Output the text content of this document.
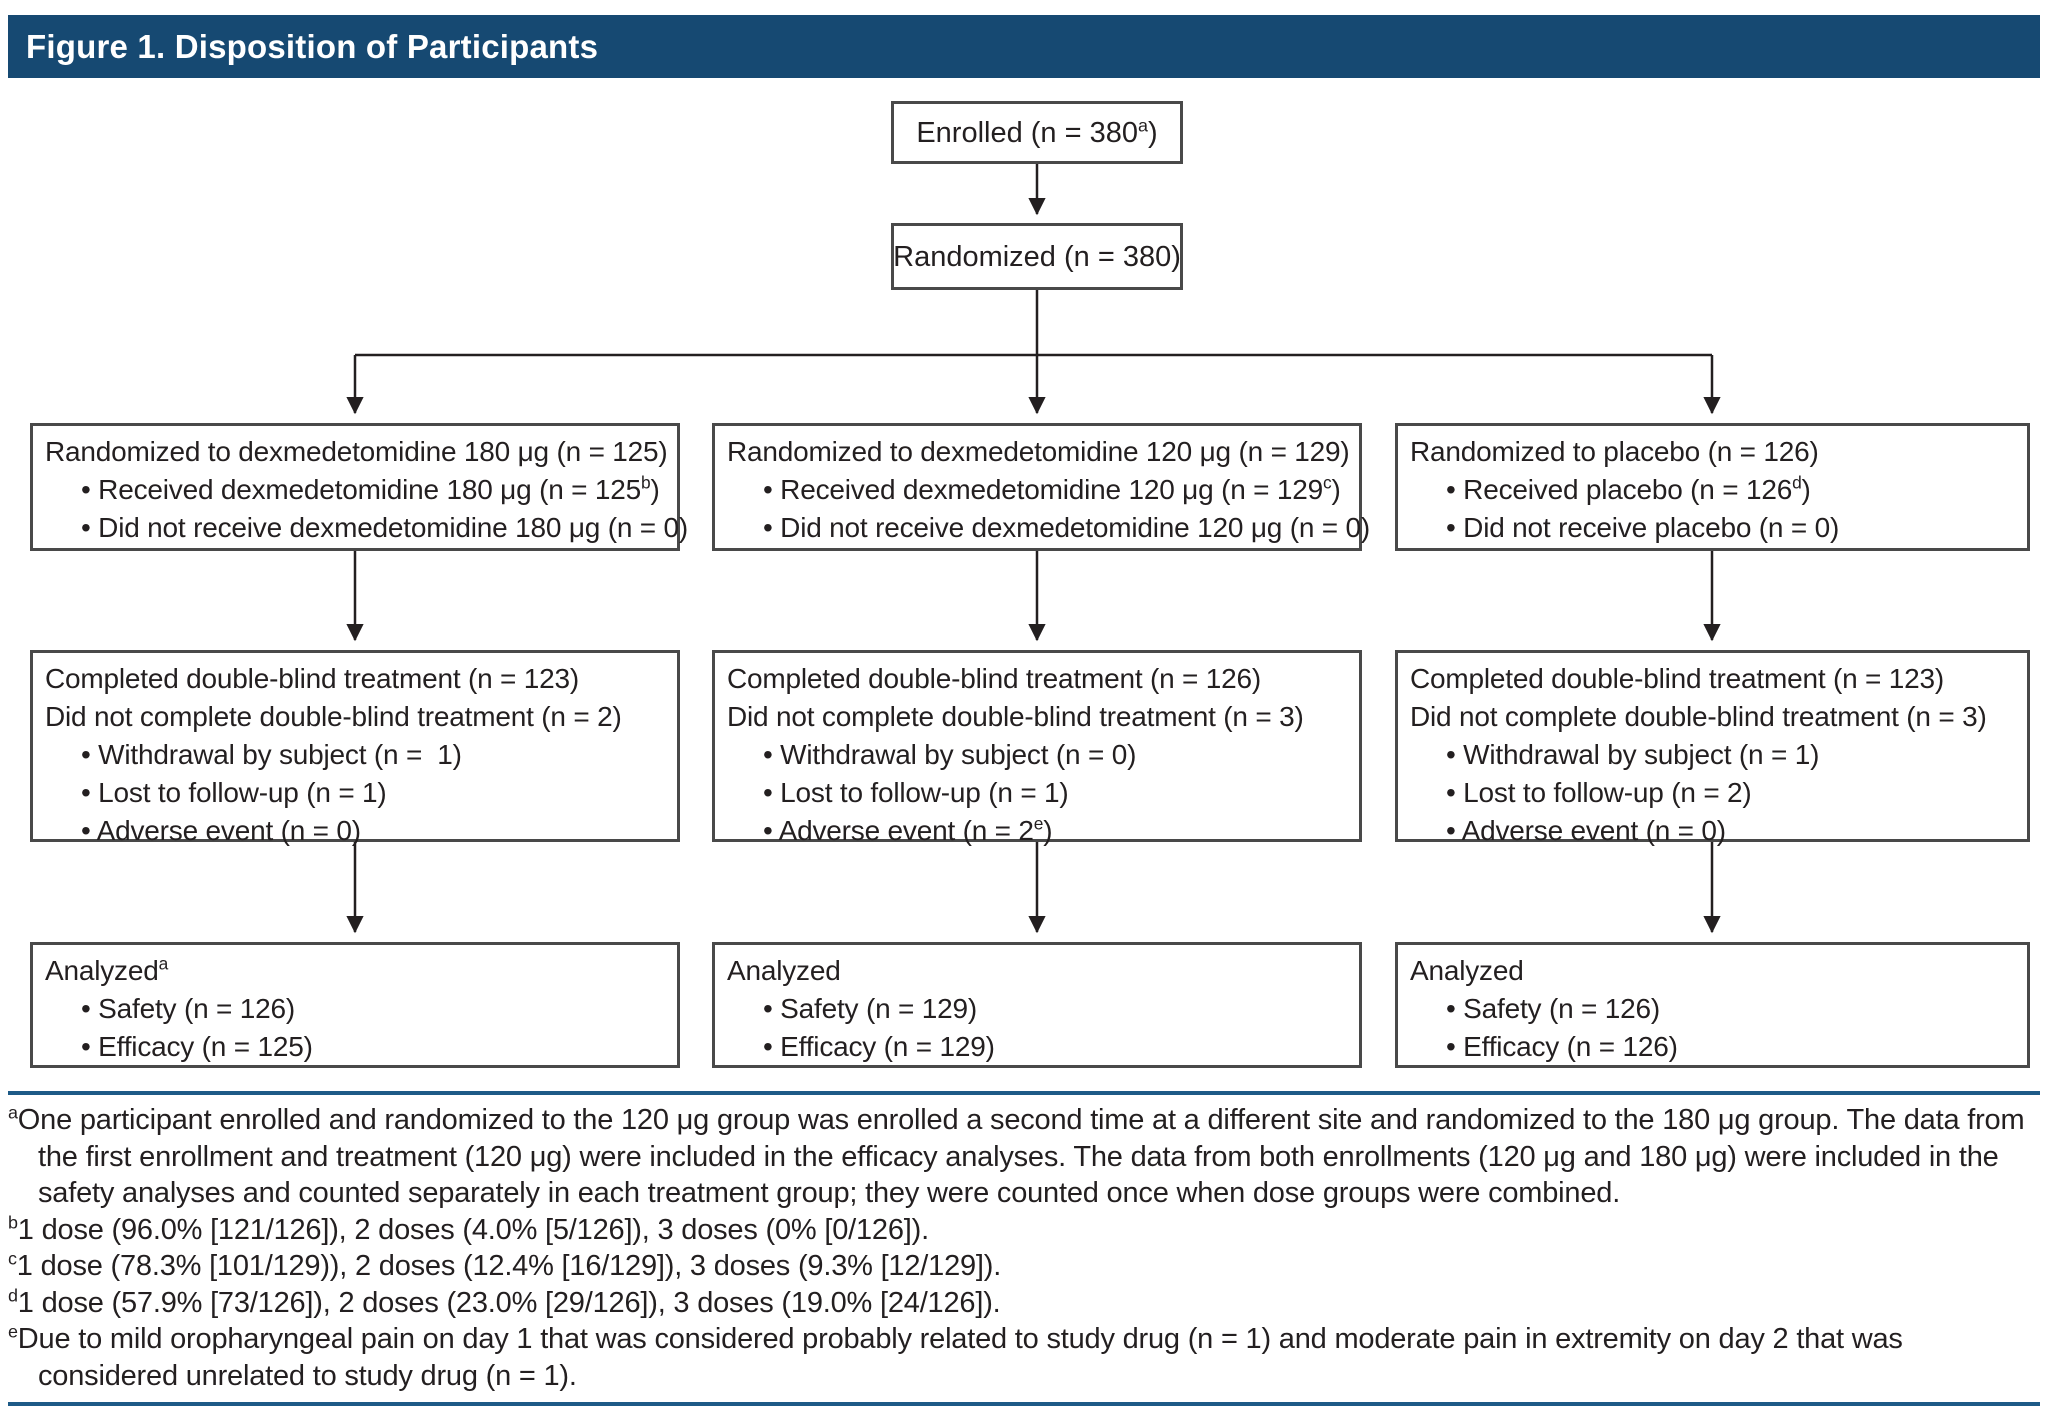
Figure 1. Disposition of Participants
Enrolled $(n = 380^a)$
Randomized (n = 380)
Randomized to dexmedetomidine 180 μg (n = 125)
• Received dexmedetomidine 180 μg $(n = 125^b)$
• Did not receive dexmedetomidine 180 μg (n = 0)
Randomized to dexmedetomidine 120 μg (n = 129)
• Received dexmedetomidine 120 μg $(n = 129^c)$
• Did not receive dexmedetomidine 120 μg (n = 0)
Randomized to placebo (n = 126)
• Received placebo $(n = 126^d)$
• Did not receive placebo (n = 0)
Completed double-blind treatment (n = 123)
Did not complete double-blind treatment (n = 2)
• Withdrawal by subject (n =  1)
• Lost to follow-up (n = 1)
• Adverse event (n = 0)
Completed double-blind treatment (n = 126)
Did not complete double-blind treatment (n = 3)
• Withdrawal by subject (n = 0)
• Lost to follow-up (n = 1)
• Adverse event $(n = 2^e)$
Completed double-blind treatment (n = 123)
Did not complete double-blind treatment (n = 3)
• Withdrawal by subject (n = 1)
• Lost to follow-up (n = 2)
• Adverse event (n = 0)
Analyzed$^a$
• Safety (n = 126)
• Efficacy (n = 125)
Analyzed
• Safety (n = 129)
• Efficacy (n = 129)
Analyzed
• Safety (n = 126)
• Efficacy (n = 126)
$^a$One participant enrolled and randomized to the 120 μg group was enrolled a second time at a different site and randomized to the 180 μg group. The data from the first enrollment and treatment (120 μg) were included in the efficacy analyses. The data from both enrollments (120 μg and 180 μg) were included in the safety analyses and counted separately in each treatment group; they were counted once when dose groups were combined.
$^b$1 dose (96.0% [121/126]), 2 doses (4.0% [5/126]), 3 doses (0% [0/126]).
$^c$1 dose (78.3% [101/129)), 2 doses (12.4% [16/129]), 3 doses (9.3% [12/129]).
$^d$1 dose (57.9% [73/126]), 2 doses (23.0% [29/126]), 3 doses (19.0% [24/126]).
$^e$Due to mild oropharyngeal pain on day 1 that was considered probably related to study drug (n = 1) and moderate pain in extremity on day 2 that was considered unrelated to study drug (n = 1).
